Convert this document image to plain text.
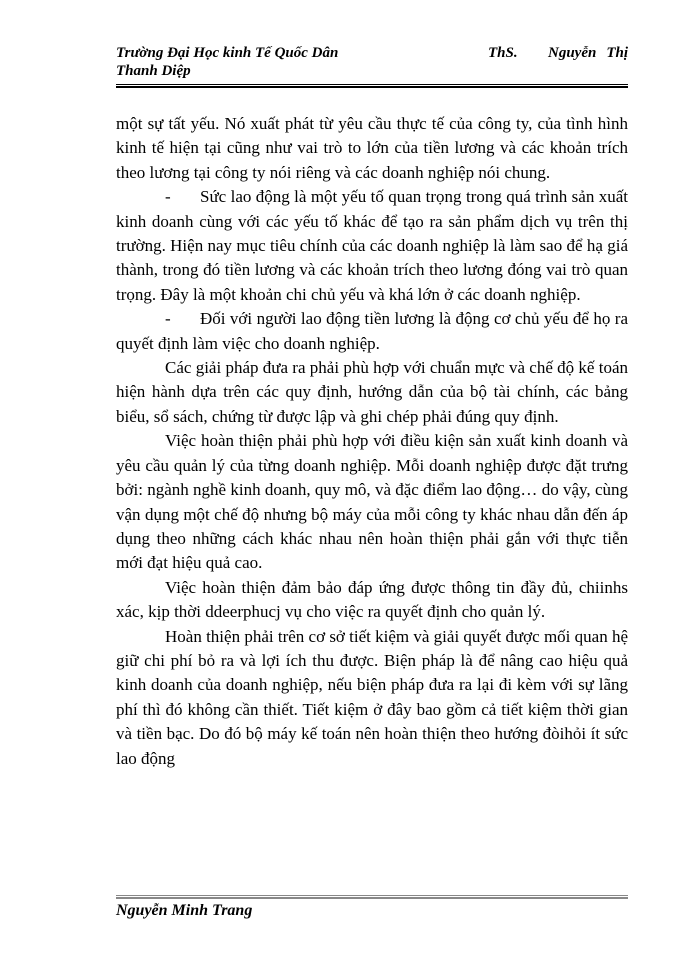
Trường Đại Học kinh Tế Quốc Dân	ThS. Nguyễn Thị
Thanh Diệp

một sự tất yếu. Nó xuất phát từ yêu cầu thực tế của công ty, của tình hình kinh tế hiện tại cũng như vai trò to lớn của tiền lương và các khoản trích theo lương tại công ty nói riêng và các doanh nghiệp nói chung.

-	Sức lao động là một yếu tố quan trọng trong quá trình sản xuất kinh doanh cùng với các yếu tố khác để tạo ra sản phẩm dịch vụ trên thị trường. Hiện nay mục tiêu chính của các doanh nghiệp là làm sao để hạ giá thành, trong đó tiền lương và các khoản trích theo lương đóng vai trò quan trọng. Đây là một khoản chi chủ yếu và khá lớn ở các doanh nghiệp.

-	Đối với người lao động tiền lương là động cơ chủ yếu để họ ra quyết định làm việc cho doanh nghiệp.

Các giải pháp đưa ra phải phù hợp với chuẩn mực và chế độ kế toán hiện hành dựa trên các quy định, hướng dẫn của bộ tài chính, các bảng biểu, sổ sách, chứng từ được lập và ghi chép phải đúng quy định.

Việc hoàn thiện phải phù hợp với điều kiện sản xuất kinh doanh và yêu cầu quản lý của từng doanh nghiệp. Mỗi doanh nghiệp được đặt trưng bởi: ngành nghề kinh doanh, quy mô, và đặc điểm lao động… do vậy, cùng vận dụng một chế độ nhưng bộ máy của mỗi công ty khác nhau dẫn đến áp dụng theo những cách khác nhau nên hoàn thiện phải gắn với thực tiễn mới đạt hiệu quả cao.

Việc hoàn thiện đảm bảo đáp ứng được thông tin đầy đủ, chiinhs xác, kịp thời ddeerphucj vụ cho việc ra quyết định cho quản lý.

Hoàn thiện phải trên cơ sở tiết kiệm và giải quyết được mối quan hệ giữ chi phí bỏ ra và lợi ích thu được. Biện pháp là để nâng cao hiệu quả kinh doanh của doanh nghiệp, nếu biện pháp đưa ra lại đi kèm với sự lãng phí thì đó không cần thiết. Tiết kiệm ở đây bao gồm cả tiết kiệm thời gian và tiền bạc. Do đó bộ máy kế toán nên hoàn thiện theo hướng đòihỏi ít sức lao động

Nguyễn Minh Trang
